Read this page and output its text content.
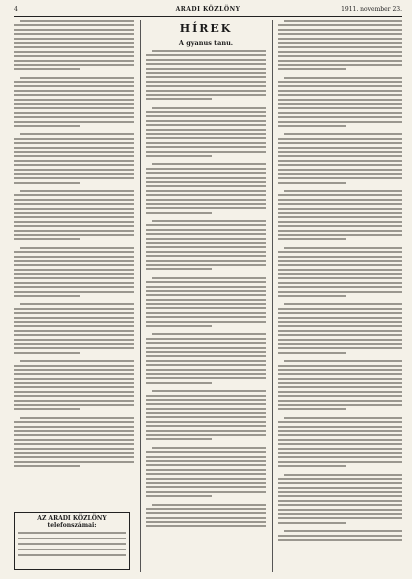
4	ARADI KÖZLÖNY	1911. november 23.
AZ ARADI KÖZLÖNY telefonszámai:
HÍREK
A gyanus tanu.
